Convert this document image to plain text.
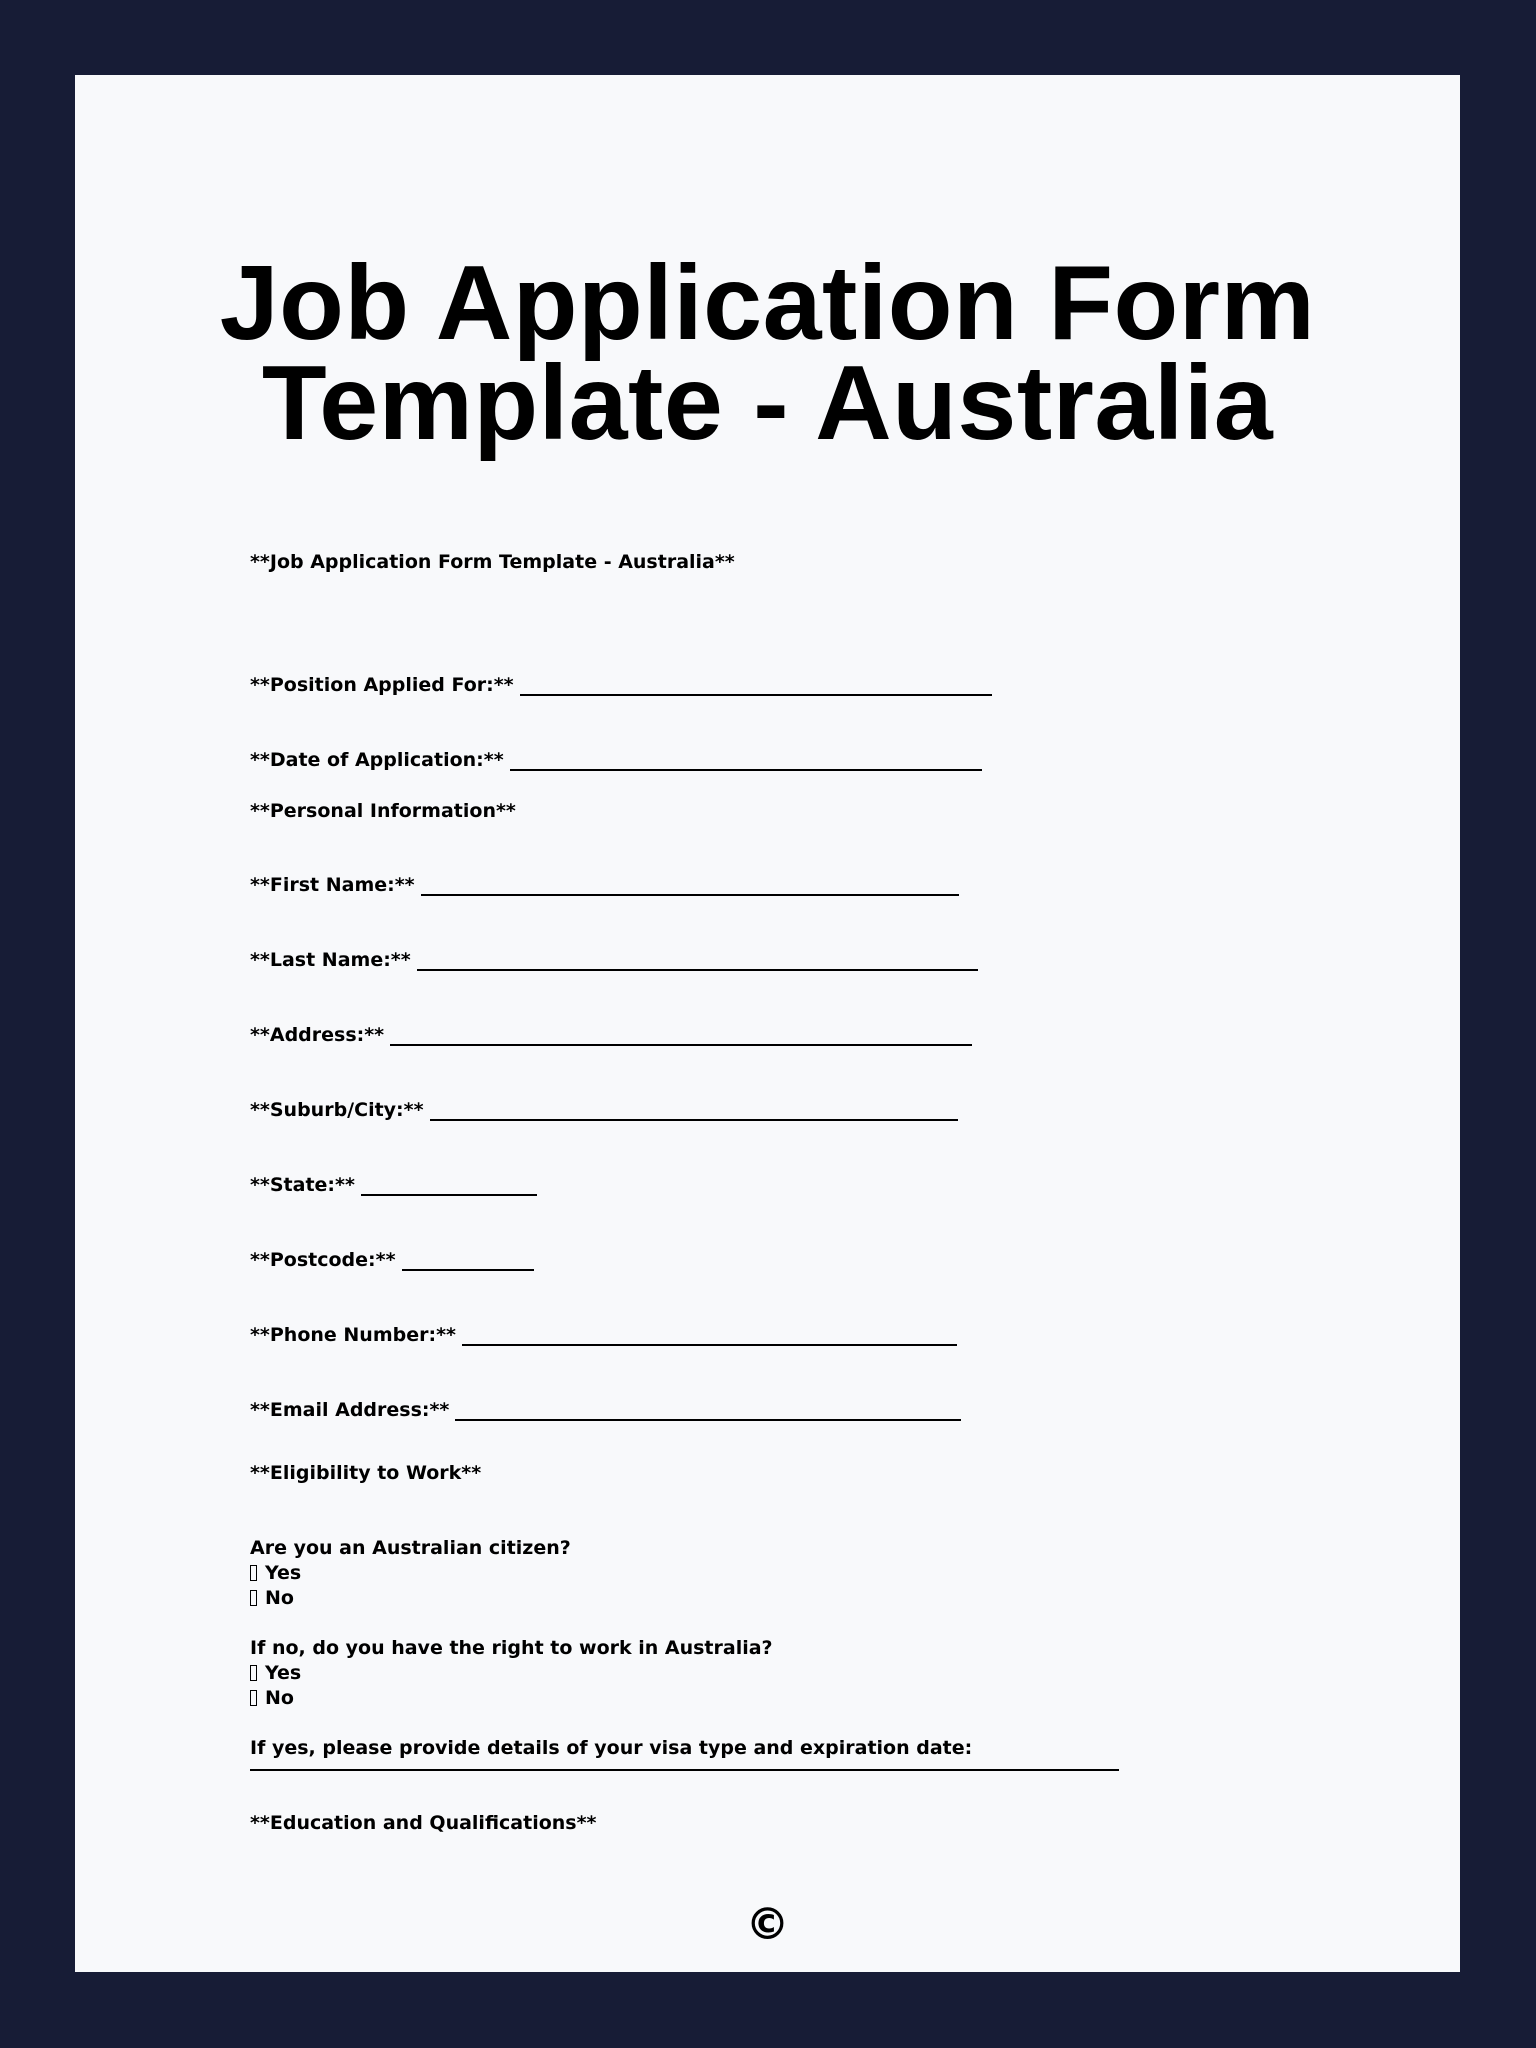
Job Application Form
Template - Australia
**Job Application Form Template - Australia**
**Position Applied For:**
**Date of Application:**
**Personal Information**
**First Name:**
**Last Name:**
**Address:**
**Suburb/City:**
**State:**
**Postcode:**
**Phone Number:**
**Email Address:**
**Eligibility to Work**
Are you an Australian citizen?
Yes
No
If no, do you have the right to work in Australia?
Yes
No
If yes, please provide details of your visa type and expiration date:
**Education and Qualifications**
©
